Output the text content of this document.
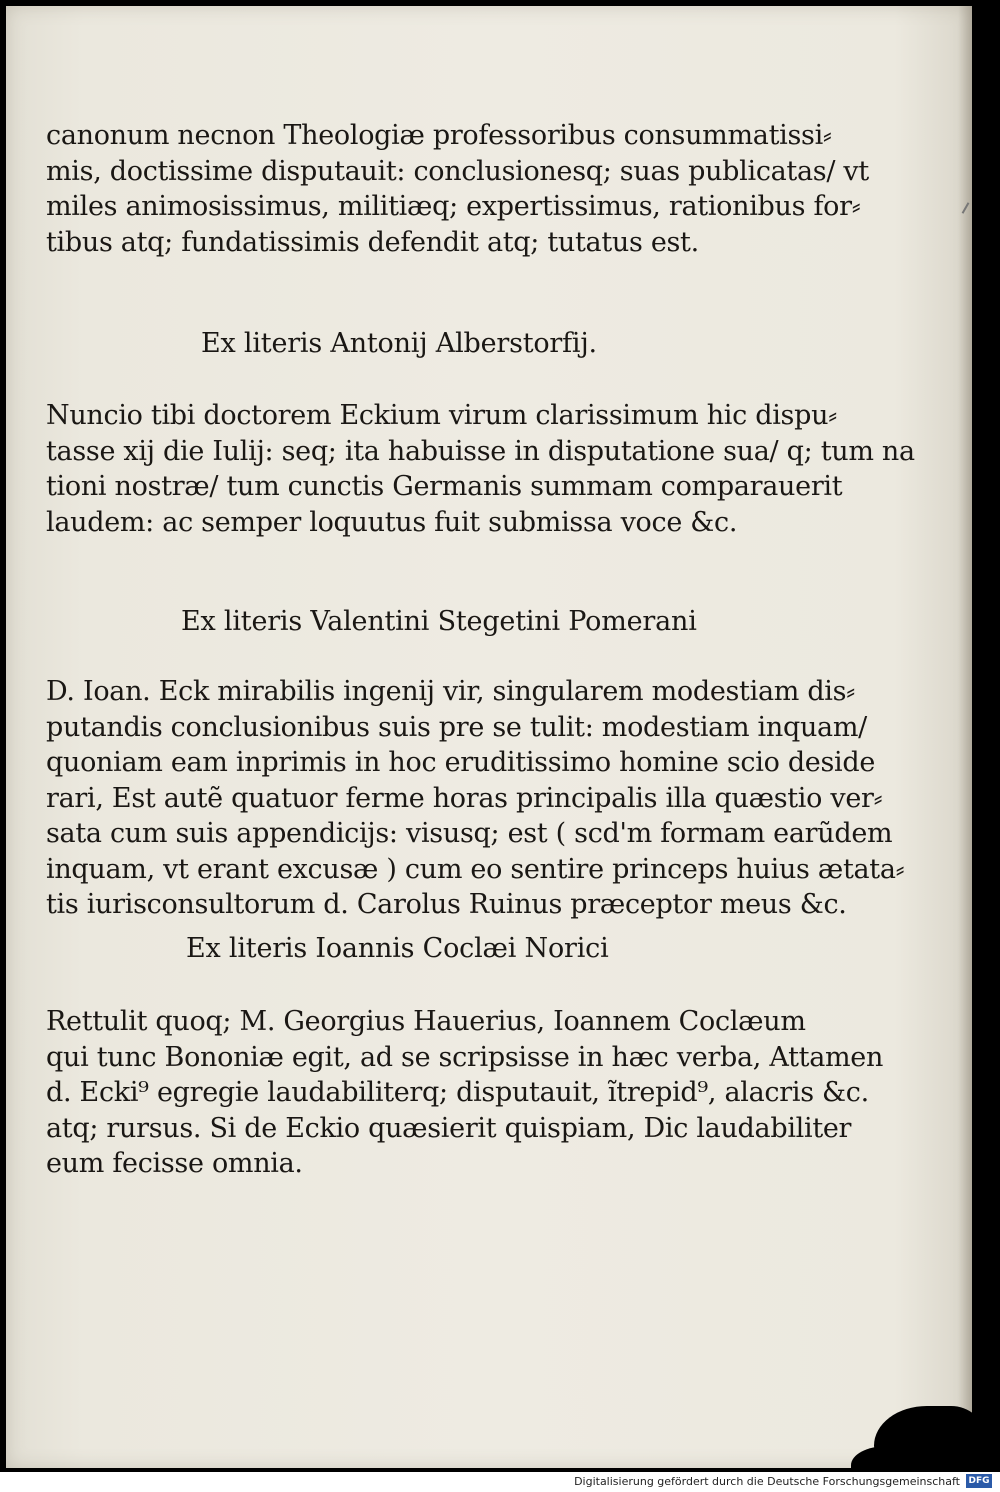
canonum necnon Theologiæ professoribus consummatissi⸗
mis, doctissime disputauit: conclusionesq; suas publicatas/ vt
miles animosissimus, militiæq; expertissimus, rationibus for⸗
tibus atq; fundatissimis defendit atq; tutatus est.

Ex literis Antonij Alberstorfij.

Nuncio tibi doctorem Eckium virum clarissimum hic dispu⸗
tasse xij die Iulij: seq; ita habuisse in disputatione sua/ q; tum na
tioni nostræ/ tum cunctis Germanis summam comparauerit
laudem: ac semper loquutus fuit submissa voce &c.

Ex literis Valentini Stegetini Pomerani

D. Ioan. Eck mirabilis ingenij vir, singularem modestiam dis⸗
putandis conclusionibus suis pre se tulit: modestiam inquam/
quoniam eam inprimis in hoc eruditissimo homine scio deside
rari, Est autẽ quatuor ferme horas principalis illa quæstio ver⸗
sata cum suis appendicijs: visusq; est ( scd'm formam earũdem
inquam, vt erant excusæ ) cum eo sentire princeps huius ætata⸗
tis iurisconsultorum d. Carolus Ruinus præceptor meus &c.

Ex literis Ioannis Coclæi Norici

Rettulit quoq; M. Georgius Hauerius, Ioannem Coclæum
qui tunc Bononiæ egit, ad se scripsisse in hæc verba, Attamen
d. Ecki⁹ egregie laudabiliterq; disputauit, ĩtrepid⁹, alacris &c.
atq; rursus. Si de Eckio quæsierit quispiam, Dic laudabiliter
eum fecisse omnia.

Digitalisierung gefördert durch die Deutsche Forschungsgemeinschaft DFG
